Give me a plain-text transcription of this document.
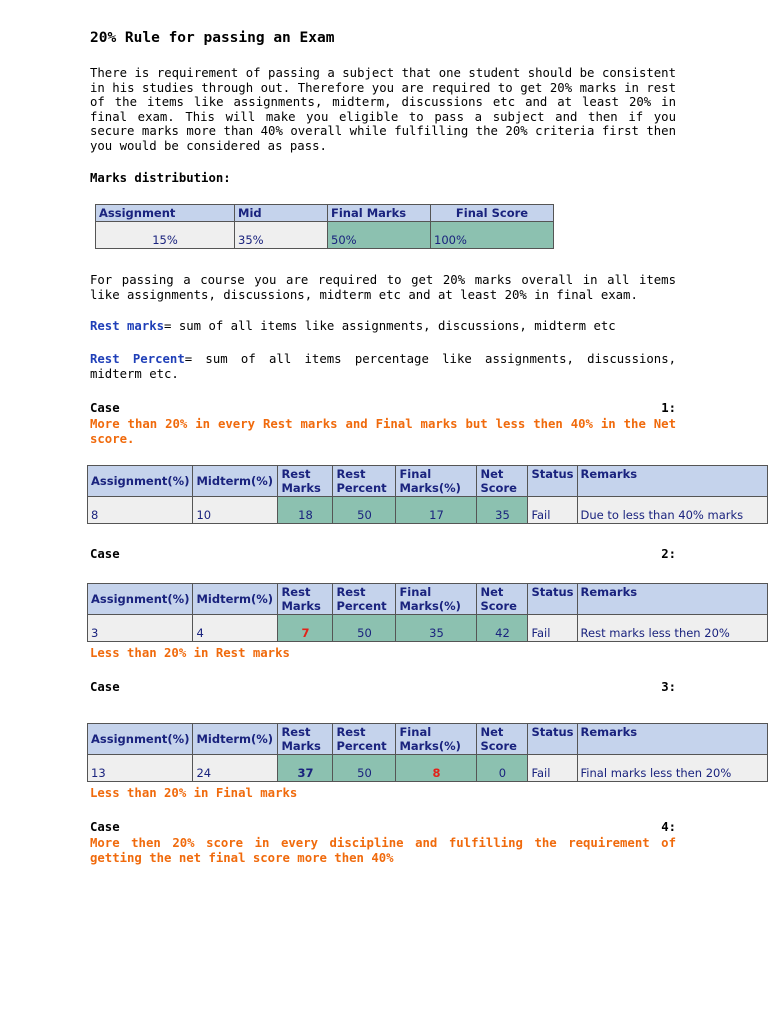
20% Rule for passing an Exam
There is requirement of passing a subject that one student should be consistent in his studies through out. Therefore you are required to get 20% marks in rest of the items like assignments, midterm, discussions etc and at least 20% in final exam. This will make you eligible to pass a subject and then if you secure marks more than 40% overall while fulfilling the 20% criteria first then you would be considered as pass.
Marks distribution:
Assignment	Mid	Final Marks	Final Score
15%	35%	50%	100%
For passing a course you are required to get 20% marks overall in all items like assignments, discussions, midterm etc and at least 20% in final exam.
Rest marks= sum of all items like assignments, discussions, midterm etc
Rest Percent= sum of all items percentage like assignments, discussions, midterm etc.
Case	1:
More than 20% in every Rest marks and Final marks but less then 40% in the Net score.
Assignment(%)	Midterm(%)	Rest Marks	Rest Percent	Final Marks(%)	Net Score	Status	Remarks
8	10	18	50	17	35	Fail	Due to less than 40% marks
Case	2:
Assignment(%)	Midterm(%)	Rest Marks	Rest Percent	Final Marks(%)	Net Score	Status	Remarks
3	4	7	50	35	42	Fail	Rest marks less then 20%
Less than 20% in Rest marks
Case	3:
Assignment(%)	Midterm(%)	Rest Marks	Rest Percent	Final Marks(%)	Net Score	Status	Remarks
13	24	37	50	8	0	Fail	Final marks less then 20%
Less than 20% in Final marks
Case	4:
More then 20% score in every discipline and fulfilling the requirement of getting the net final score more then 40%
